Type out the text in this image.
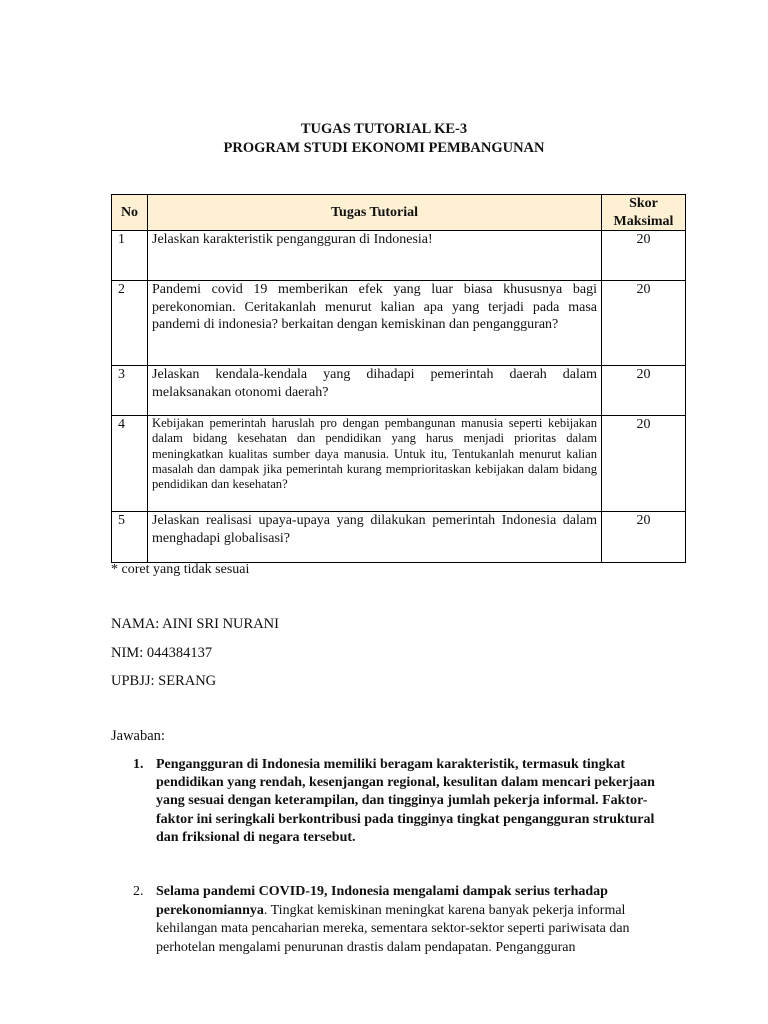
TUGAS TUTORIAL KE-3
PROGRAM STUDI EKONOMI PEMBANGUNAN
No	Tugas Tutorial	Skor
Maksimal

1	Jelaskan karakteristik pengangguran di Indonesia!	20
2	Pandemi covid 19 memberikan efek yang luar biasa khususnya bagi perekonomian. Ceritakanlah menurut kalian apa yang terjadi pada masa pandemi di indonesia? berkaitan dengan kemiskinan dan pengangguran?	20
3	Jelaskan kendala-kendala yang dihadapi pemerintah daerah dalam melaksanakan otonomi daerah?	20
4	Kebijakan pemerintah haruslah pro dengan pembangunan manusia seperti kebijakan dalam bidang kesehatan dan pendidikan yang harus menjadi prioritas dalam meningkatkan kualitas sumber daya manusia. Untuk itu, Tentukanlah menurut kalian masalah dan dampak jika pemerintah kurang memprioritaskan kebijakan dalam bidang pendidikan dan kesehatan?	20
5	Jelaskan realisasi upaya-upaya yang dilakukan pemerintah Indonesia dalam menghadapi globalisasi?	20
* coret yang tidak sesuai
NAMA: AINI SRI NURANI
NIM: 044384137
UPBJJ: SERANG
Jawaban:
1. Pengangguran di Indonesia memiliki beragam karakteristik, termasuk tingkat pendidikan yang rendah, kesenjangan regional, kesulitan dalam mencari pekerjaan yang sesuai dengan keterampilan, dan tingginya jumlah pekerja informal. Faktor-faktor ini seringkali berkontribusi pada tingginya tingkat pengangguran struktural dan friksional di negara tersebut.
2. Selama pandemi COVID-19, Indonesia mengalami dampak serius terhadap perekonomiannya. Tingkat kemiskinan meningkat karena banyak pekerja informal kehilangan mata pencaharian mereka, sementara sektor-sektor seperti pariwisata dan perhotelan mengalami penurunan drastis dalam pendapatan. Pengangguran
